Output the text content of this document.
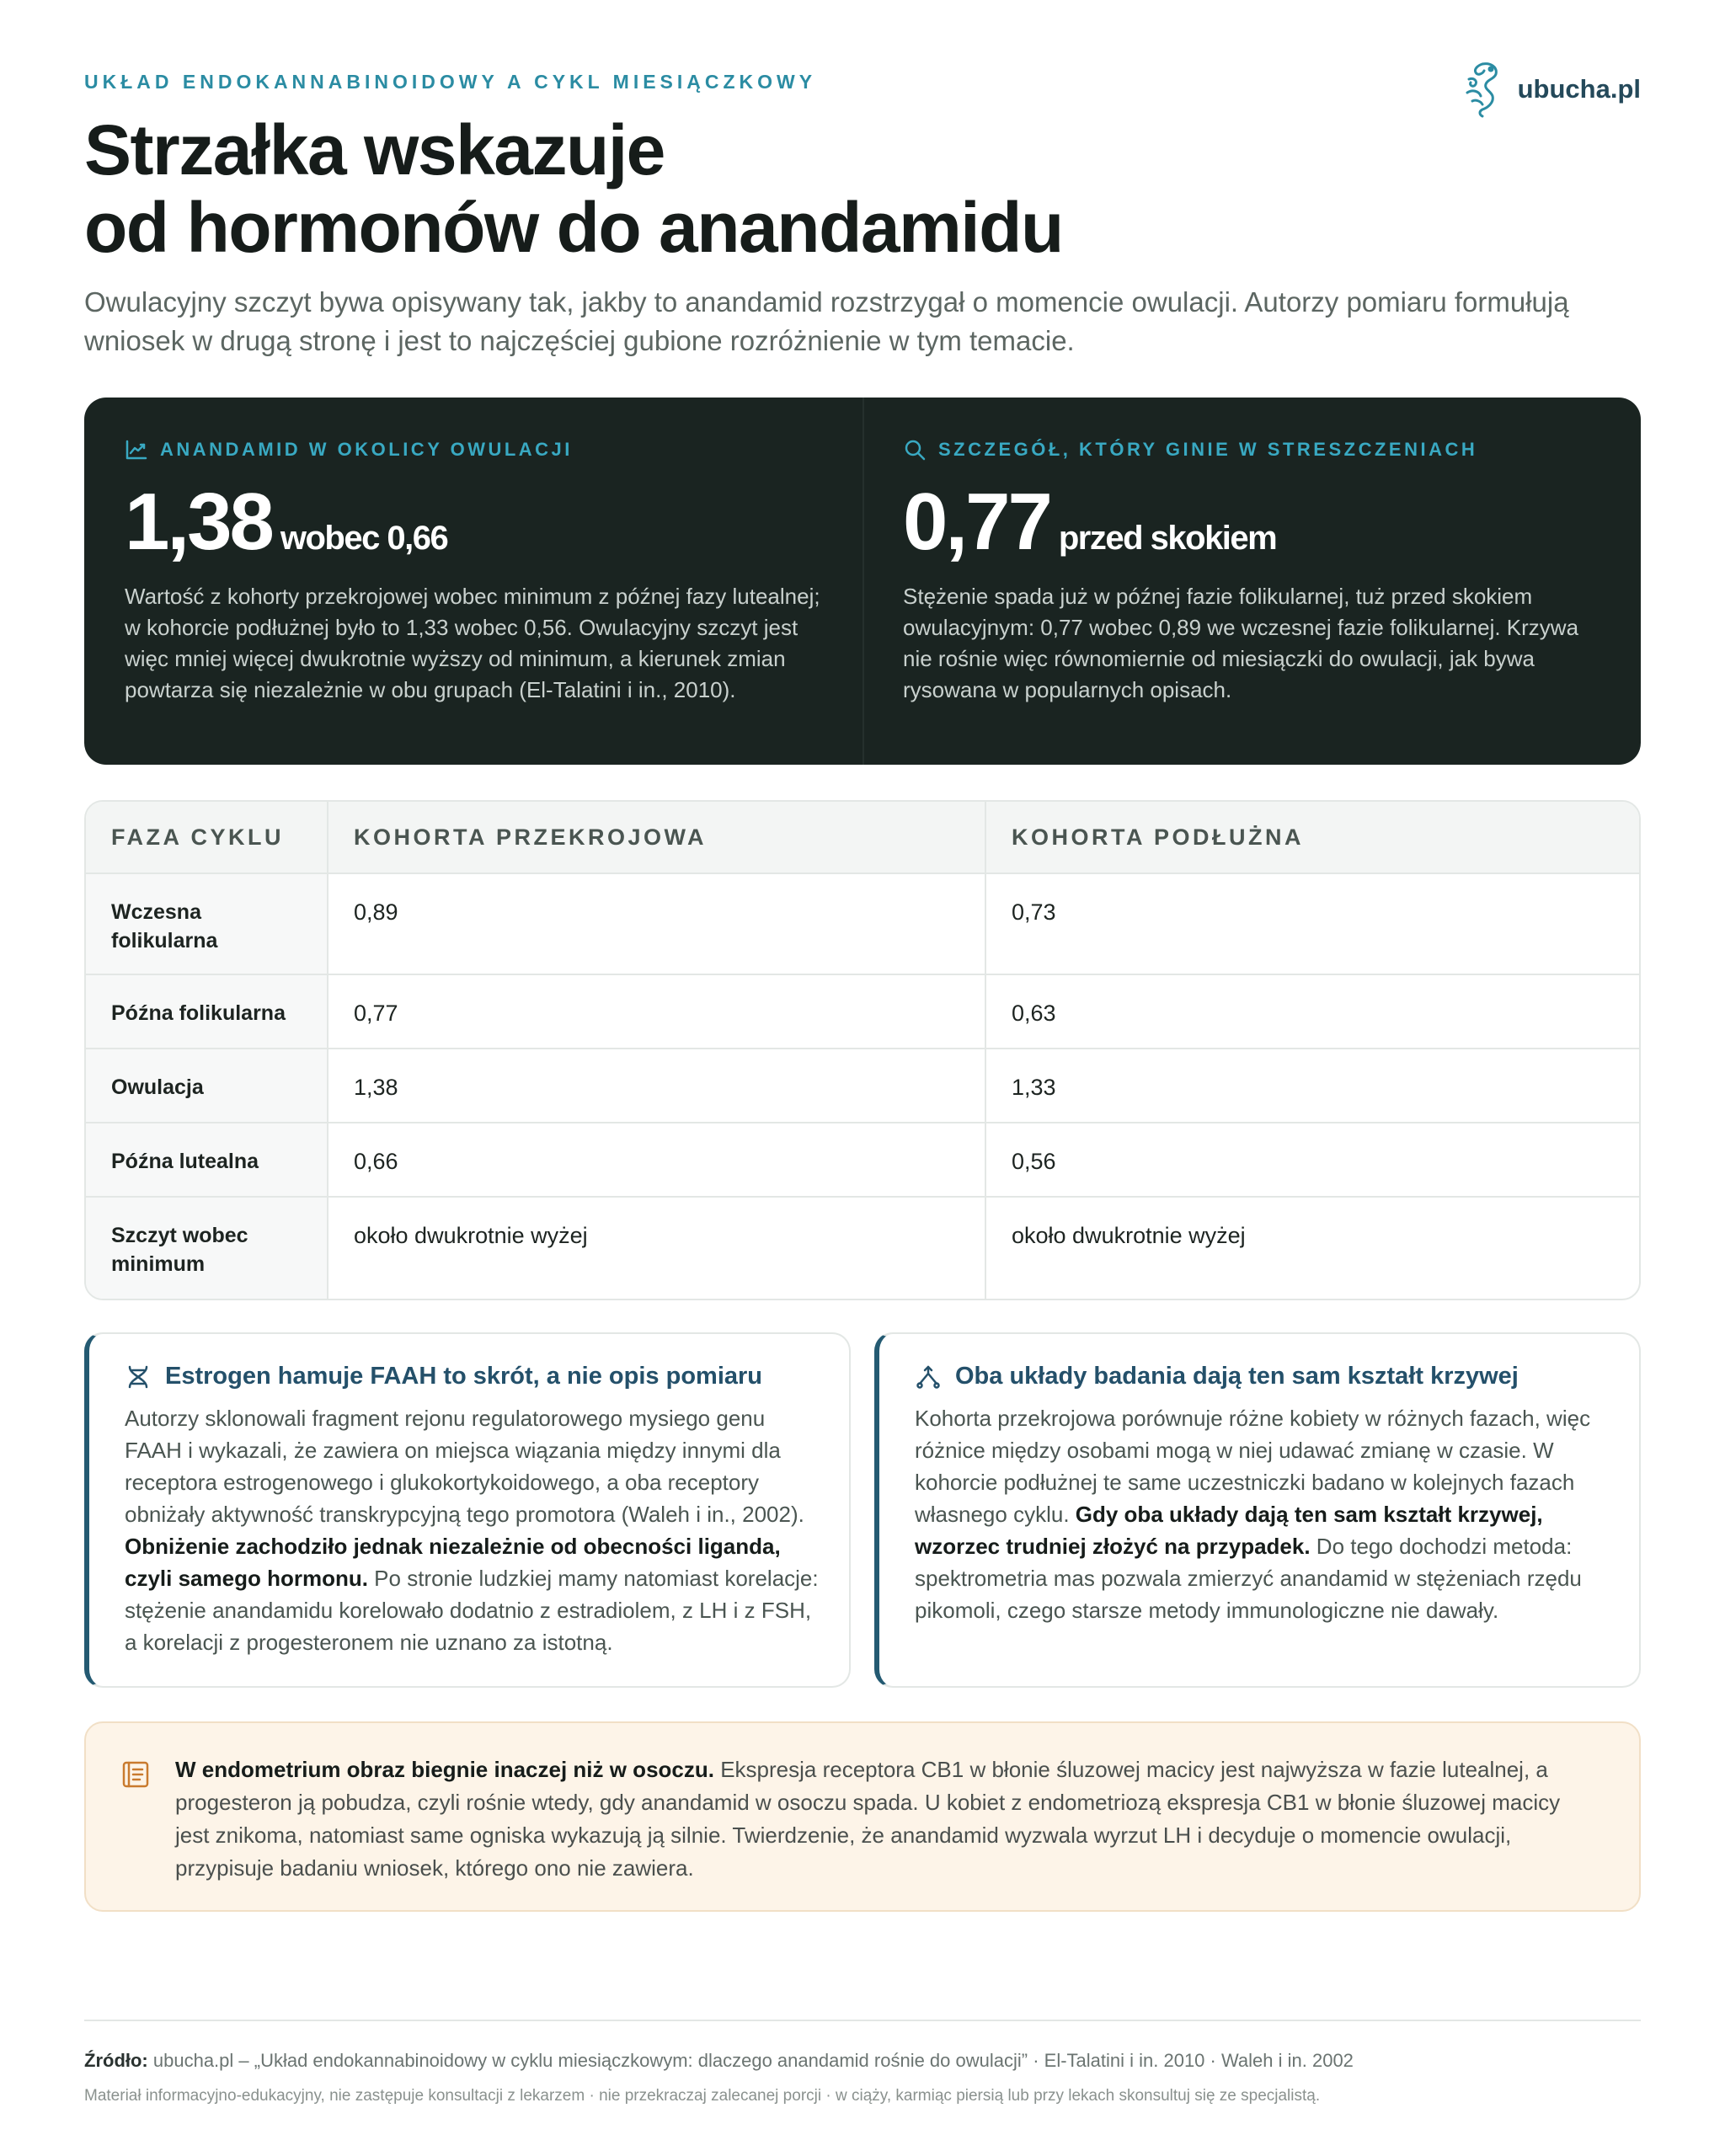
UKŁAD ENDOKANNABINOIDOWY A CYKL MIESIĄCZKOWY	ubucha.pl
Strzałka wskazuje
od hormonów do anandamidu

Owulacyjny szczyt bywa opisywany tak, jakby to anandamid rozstrzygał o momencie owulacji. Autorzy pomiaru formułują wniosek w drugą stronę i jest to najczęściej gubione rozróżnienie w tym temacie.

ANANDAMID W OKOLICY OWULACJI
1,38 wobec 0,66

Wartość z kohorty przekrojowej wobec minimum z późnej fazy lutealnej; w kohorcie podłużnej było to 1,33 wobec 0,56. Owulacyjny szczyt jest więc mniej więcej dwukrotnie wyższy od minimum, a kierunek zmian powtarza się niezależnie w obu grupach (El-Talatini i in., 2010).

SZCZEGÓŁ, KTÓRY GINIE W STRESZCZENIACH
0,77 przed skokiem

Stężenie spada już w późnej fazie folikularnej, tuż przed skokiem owulacyjnym: 0,77 wobec 0,89 we wczesnej fazie folikularnej. Krzywa nie rośnie więc równomiernie od miesiączki do owulacji, jak bywa rysowana w popularnych opisach.

FAZA CYKLU	KOHORTA PRZEKROJOWA	KOHORTA PODŁUŻNA
Wczesna folikularna	0,89	0,73
Późna folikularna	0,77	0,63
Owulacja	1,38	1,33
Późna lutealna	0,66	0,56
Szczyt wobec minimum	około dwukrotnie wyżej	około dwukrotnie wyżej
Estrogen hamuje FAAH to skrót, a nie opis pomiaru

Autorzy sklonowali fragment rejonu regulatorowego mysiego genu FAAH i wykazali, że zawiera on miejsca wiązania między innymi dla receptora estrogenowego i glukokortykoidowego, a oba receptory obniżały aktywność transkrypcyjną tego promotora (Waleh i in., 2002). Obniżenie zachodziło jednak niezależnie od obecności liganda, czyli samego hormonu. Po stronie ludzkiej mamy natomiast korelacje: stężenie anandamidu korelowało dodatnio z estradiolem, z LH i z FSH, a korelacji z progesteronem nie uznano za istotną.

Oba układy badania dają ten sam kształt krzywej

Kohorta przekrojowa porównuje różne kobiety w różnych fazach, więc różnice między osobami mogą w niej udawać zmianę w czasie. W kohorcie podłużnej te same uczestniczki badano w kolejnych fazach własnego cyklu. Gdy oba układy dają ten sam kształt krzywej, wzorzec trudniej złożyć na przypadek. Do tego dochodzi metoda: spektrometria mas pozwala zmierzyć anandamid w stężeniach rzędu pikomoli, czego starsze metody immunologiczne nie dawały.

W endometrium obraz biegnie inaczej niż w osoczu. Ekspresja receptora CB1 w błonie śluzowej macicy jest najwyższa w fazie lutealnej, a progesteron ją pobudza, czyli rośnie wtedy, gdy anandamid w osoczu spada. U kobiet z endometriozą ekspresja CB1 w błonie śluzowej macicy jest znikoma, natomiast same ogniska wykazują ją silnie. Twierdzenie, że anandamid wyzwala wyrzut LH i decyduje o momencie owulacji, przypisuje badaniu wniosek, którego ono nie zawiera.

Źródło: ubucha.pl – „Układ endokannabinoidowy w cyklu miesiączkowym: dlaczego anandamid rośnie do owulacji” · El-Talatini i in. 2010 · Waleh i in. 2002

Materiał informacyjno-edukacyjny, nie zastępuje konsultacji z lekarzem · nie przekraczaj zalecanej porcji · w ciąży, karmiąc piersią lub przy lekach skonsultuj się ze specjalistą.
